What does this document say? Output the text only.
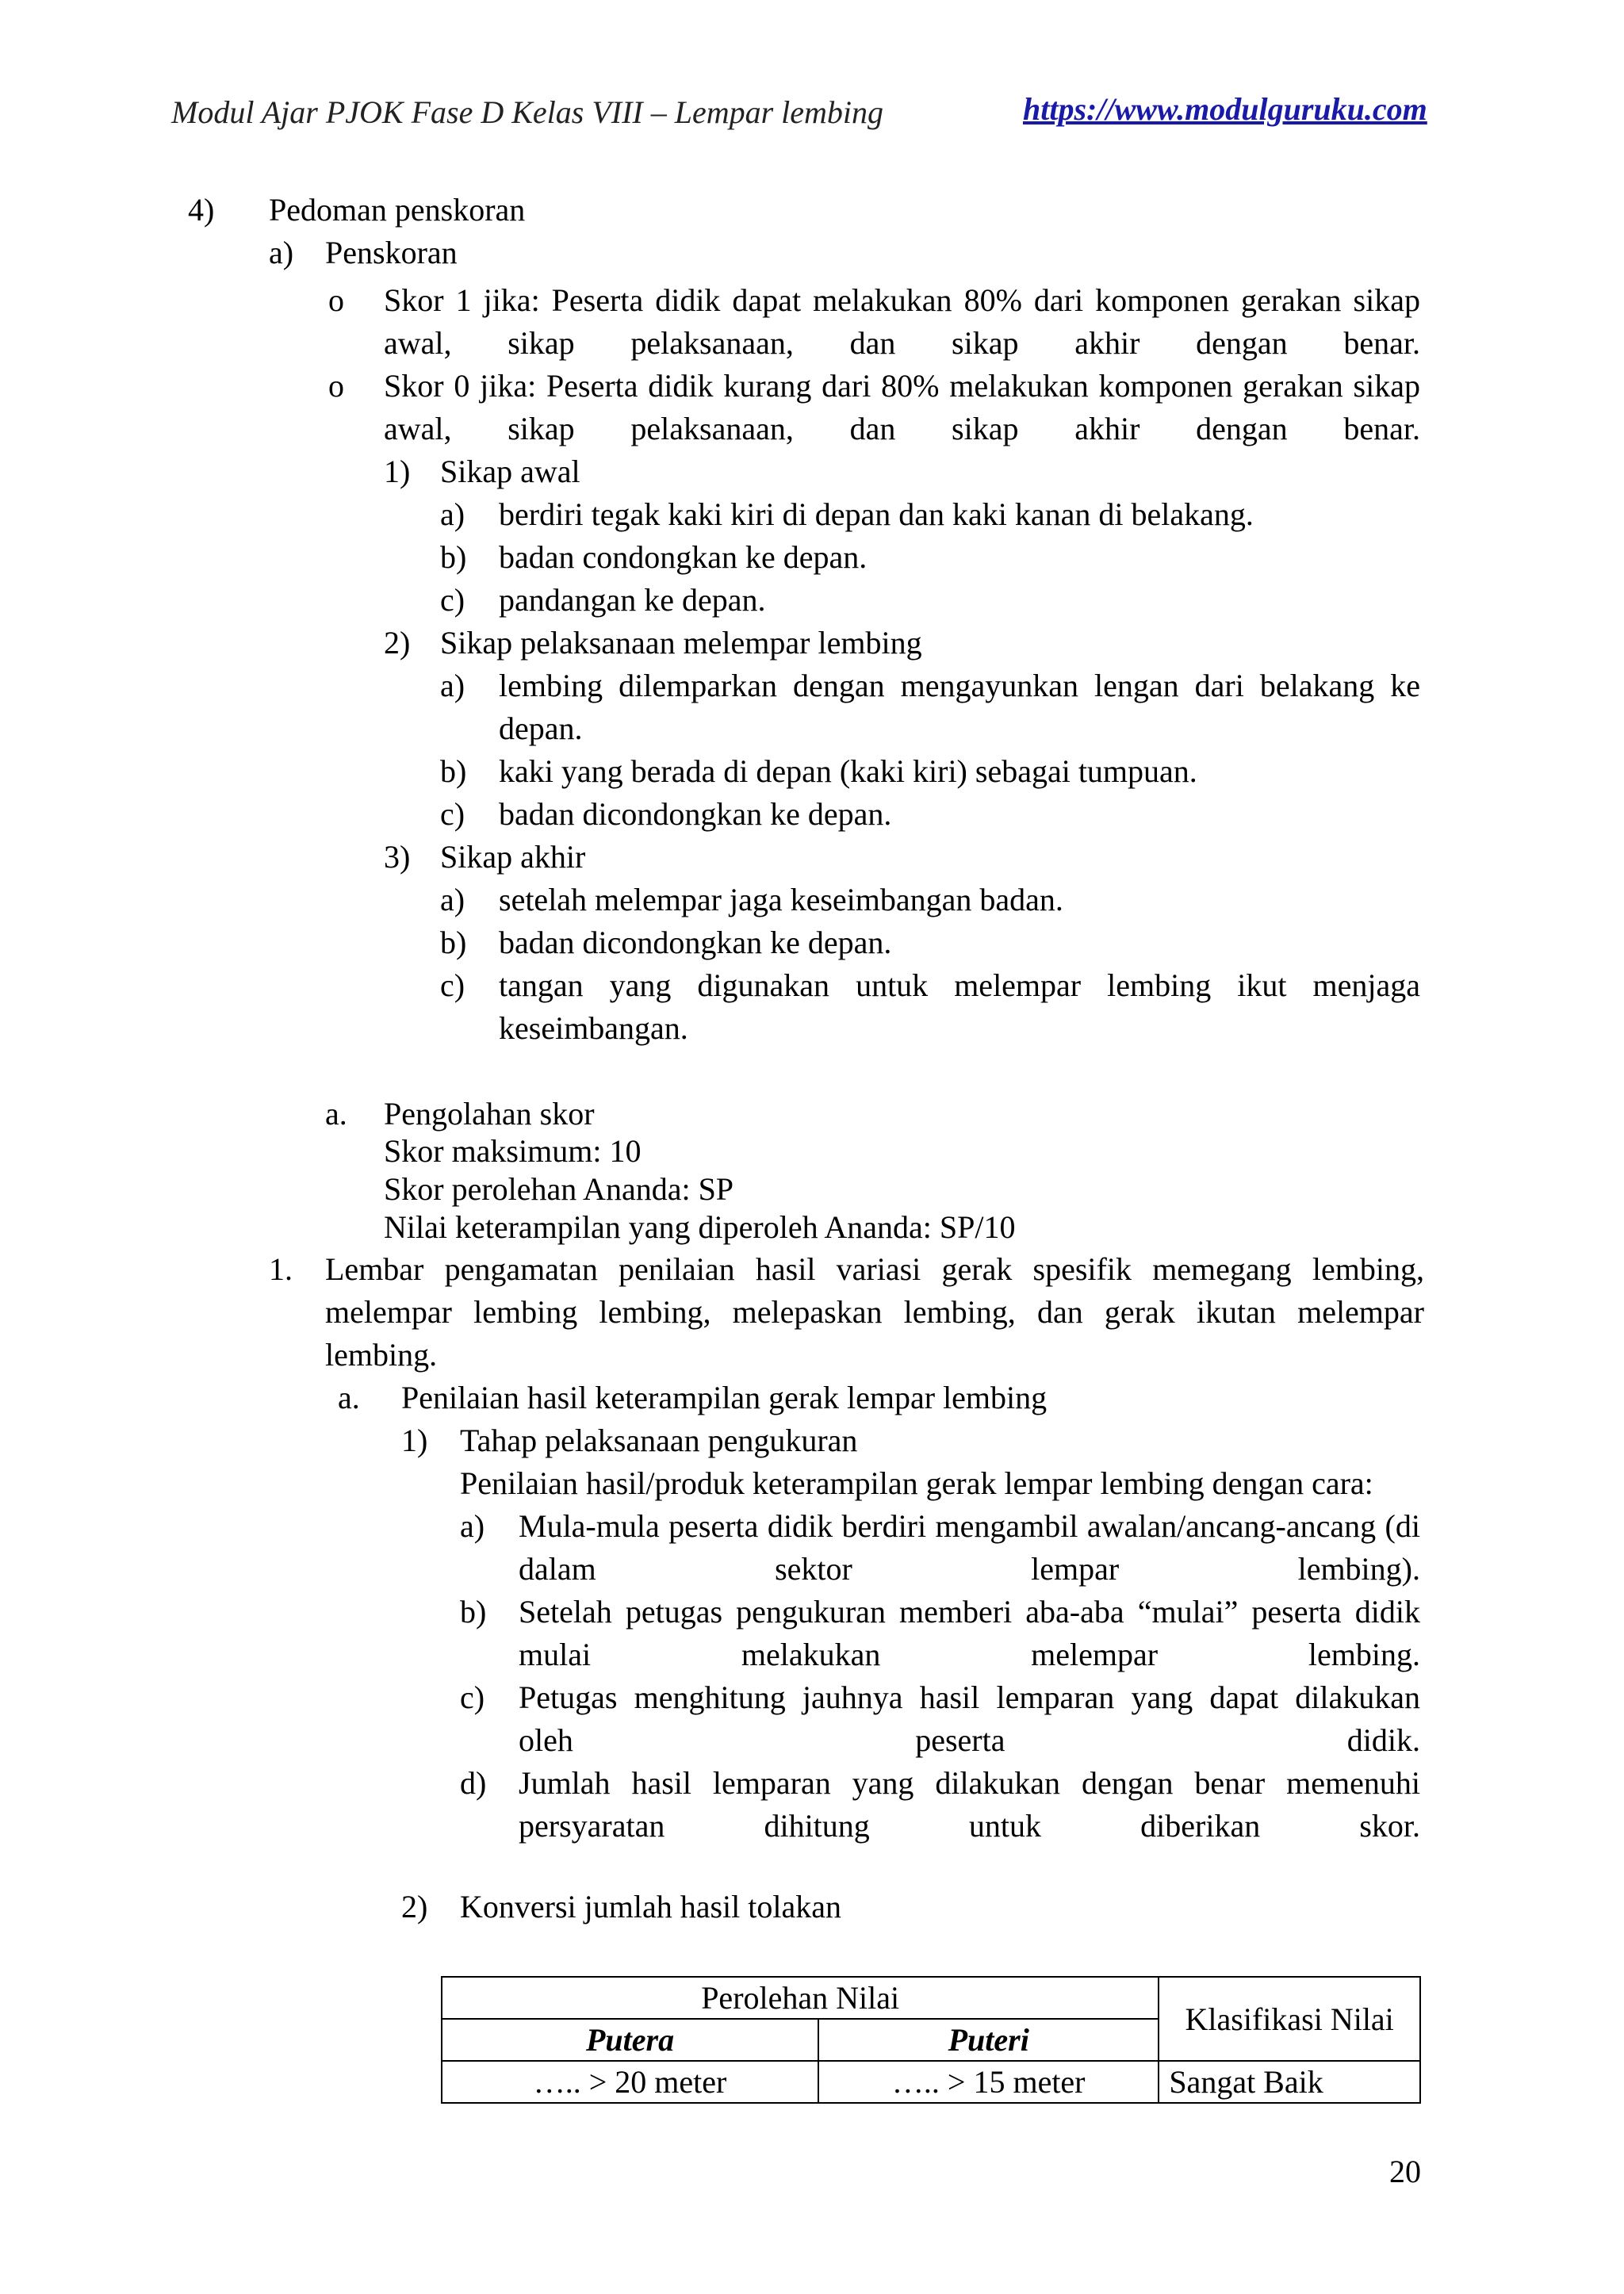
Modul Ajar PJOK Fase D Kelas VIII – Lempar lembing	https://www.modulguruku.com
4) Pedoman penskoran
a) Penskoran
o Skor 1 jika: Peserta didik dapat melakukan 80% dari komponen gerakan sikap awal, sikap pelaksanaan, dan sikap akhir dengan benar.
o Skor 0 jika: Peserta didik kurang dari 80% melakukan komponen gerakan sikap awal, sikap pelaksanaan, dan sikap akhir dengan benar.
1) Sikap awal
a) berdiri tegak kaki kiri di depan dan kaki kanan di belakang.
b) badan condongkan ke depan.
c) pandangan ke depan.
2) Sikap pelaksanaan melempar lembing
a) lembing dilemparkan dengan mengayunkan lengan dari belakang ke depan.
b) kaki yang berada di depan (kaki kiri) sebagai tumpuan.
c) badan dicondongkan ke depan.
3) Sikap akhir
a) setelah melempar jaga keseimbangan badan.
b) badan dicondongkan ke depan.
c) tangan yang digunakan untuk melempar lembing ikut menjaga keseimbangan.
a. Pengolahan skor
Skor maksimum: 10
Skor perolehan Ananda: SP
Nilai keterampilan yang diperoleh Ananda: SP/10
1. Lembar pengamatan penilaian hasil variasi gerak spesifik memegang lembing, melempar lembing lembing, melepaskan lembing, dan gerak ikutan melempar lembing.
a. Penilaian hasil keterampilan gerak lempar lembing
1) Tahap pelaksanaan pengukuran
Penilaian hasil/produk keterampilan gerak lempar lembing dengan cara:
a) Mula-mula peserta didik berdiri mengambil awalan/ancang-ancang (di dalam sektor lempar lembing).
b) Setelah petugas pengukuran memberi aba-aba “mulai” peserta didik mulai melakukan melempar lembing.
c) Petugas menghitung jauhnya hasil lemparan yang dapat dilakukan oleh peserta didik.
d) Jumlah hasil lemparan yang dilakukan dengan benar memenuhi persyaratan dihitung untuk diberikan skor.
2) Konversi jumlah hasil tolakan
Perolehan Nilai		Klasifikasi Nilai
Putera	Puteri	
….. > 20 meter	….. > 15 meter	Sangat Baik
20
